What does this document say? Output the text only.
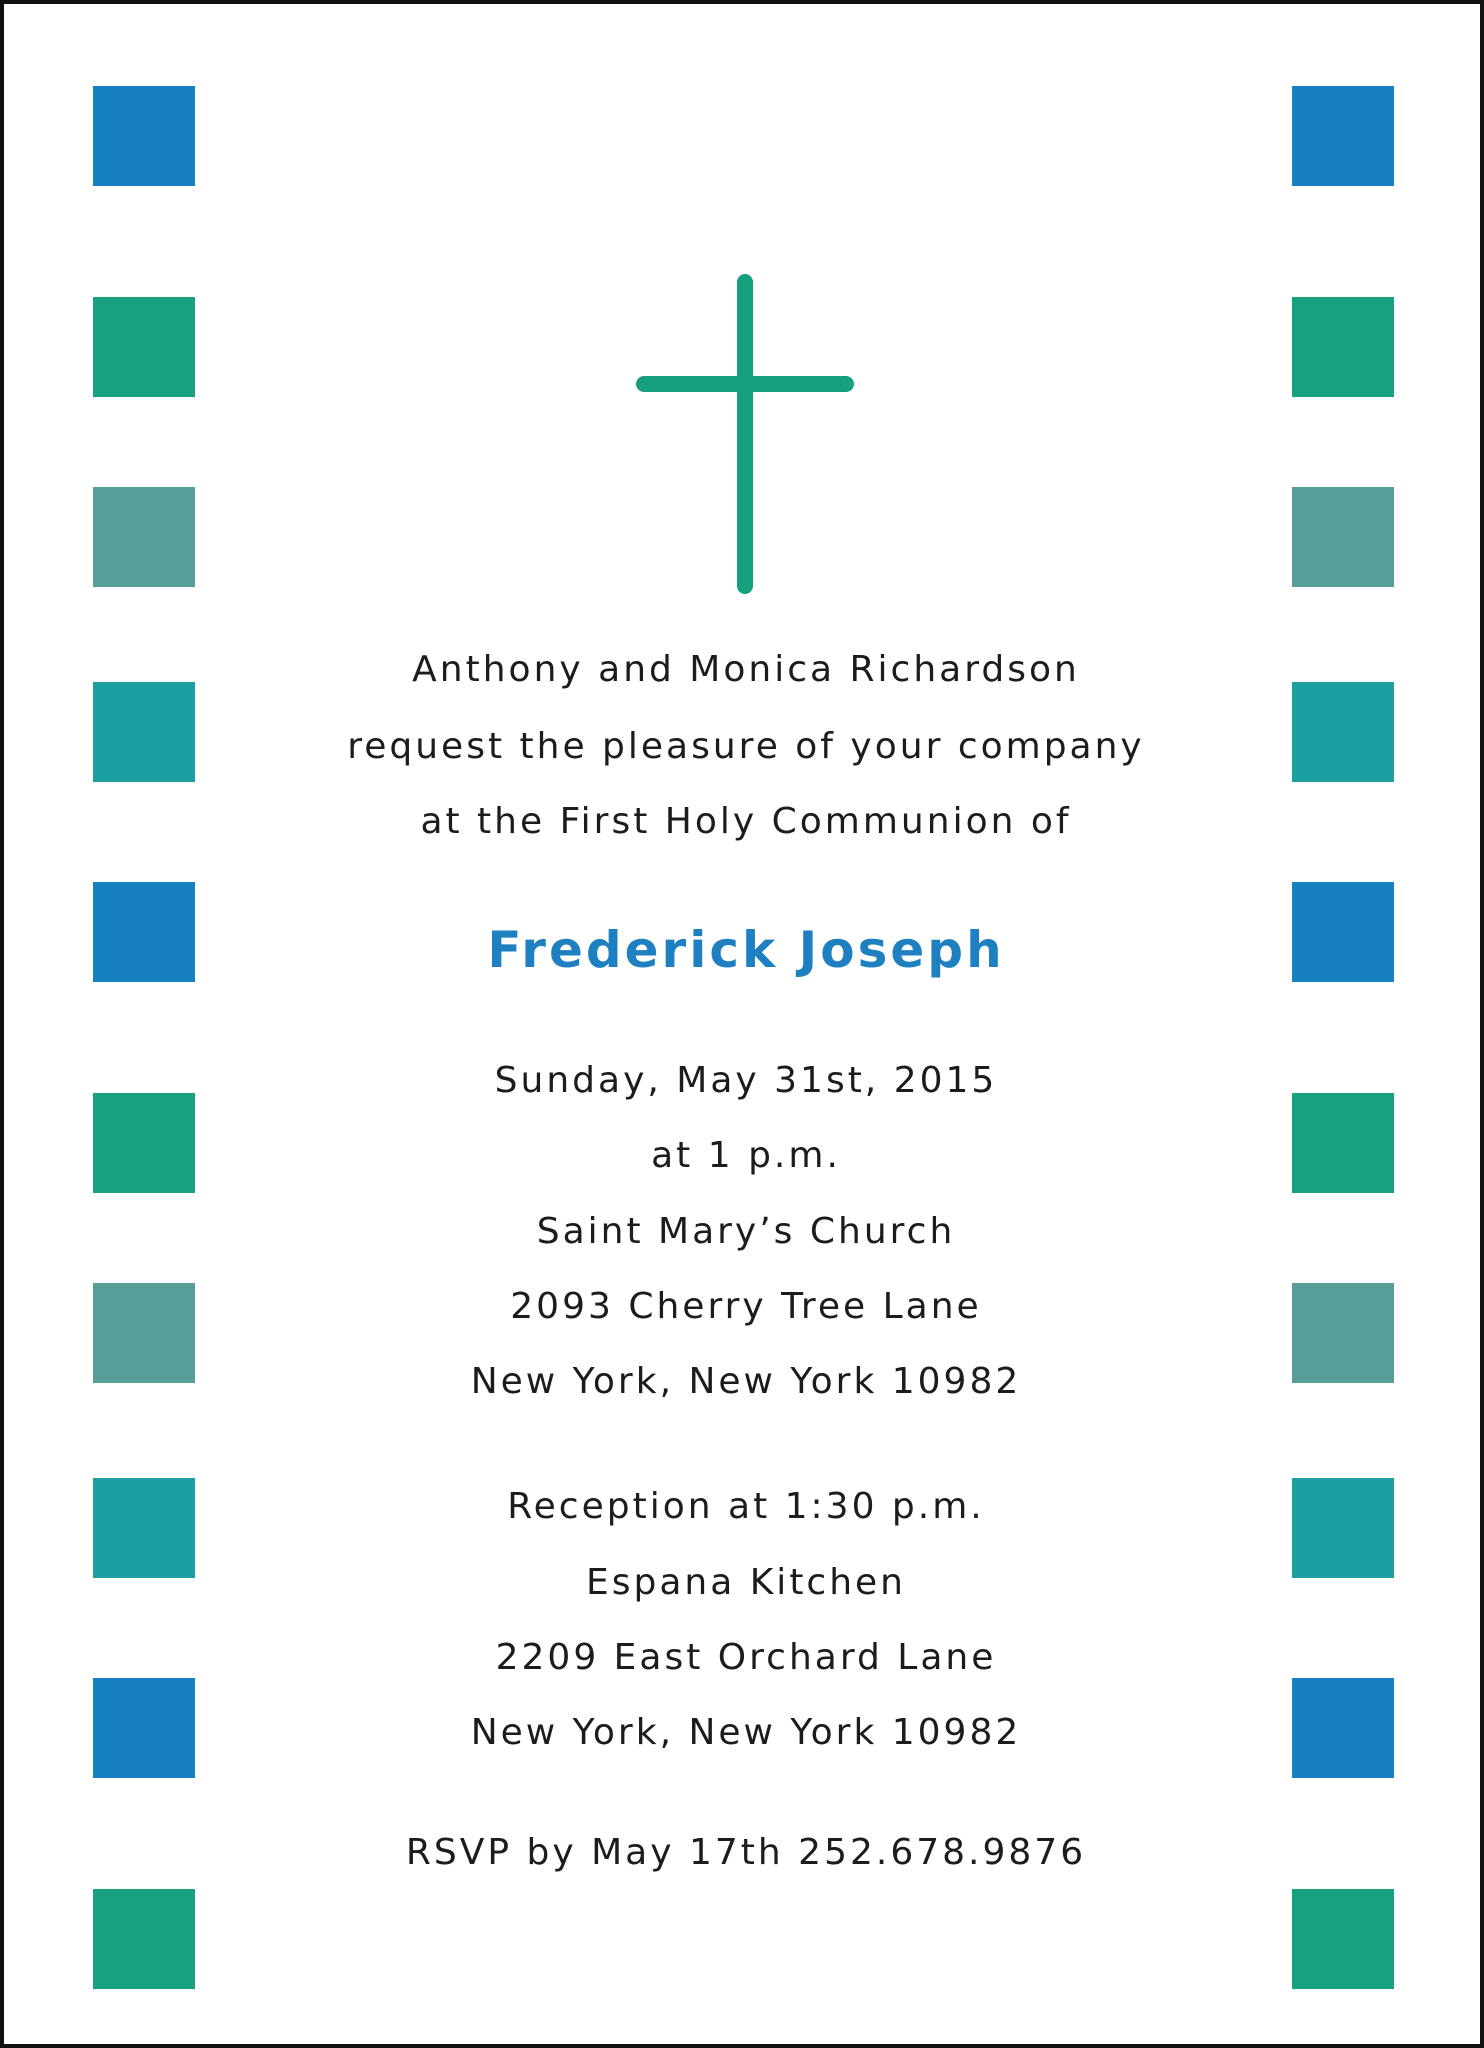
Anthony and Monica Richardson
request the pleasure of your company
at the First Holy Communion of
Frederick Joseph
Sunday, May 31st, 2015
at 1 p.m.
Saint Mary’s Church
2093 Cherry Tree Lane
New York, New York 10982
Reception at 1:30 p.m.
Espana Kitchen
2209 East Orchard Lane
New York, New York 10982
RSVP by May 17th 252.678.9876
